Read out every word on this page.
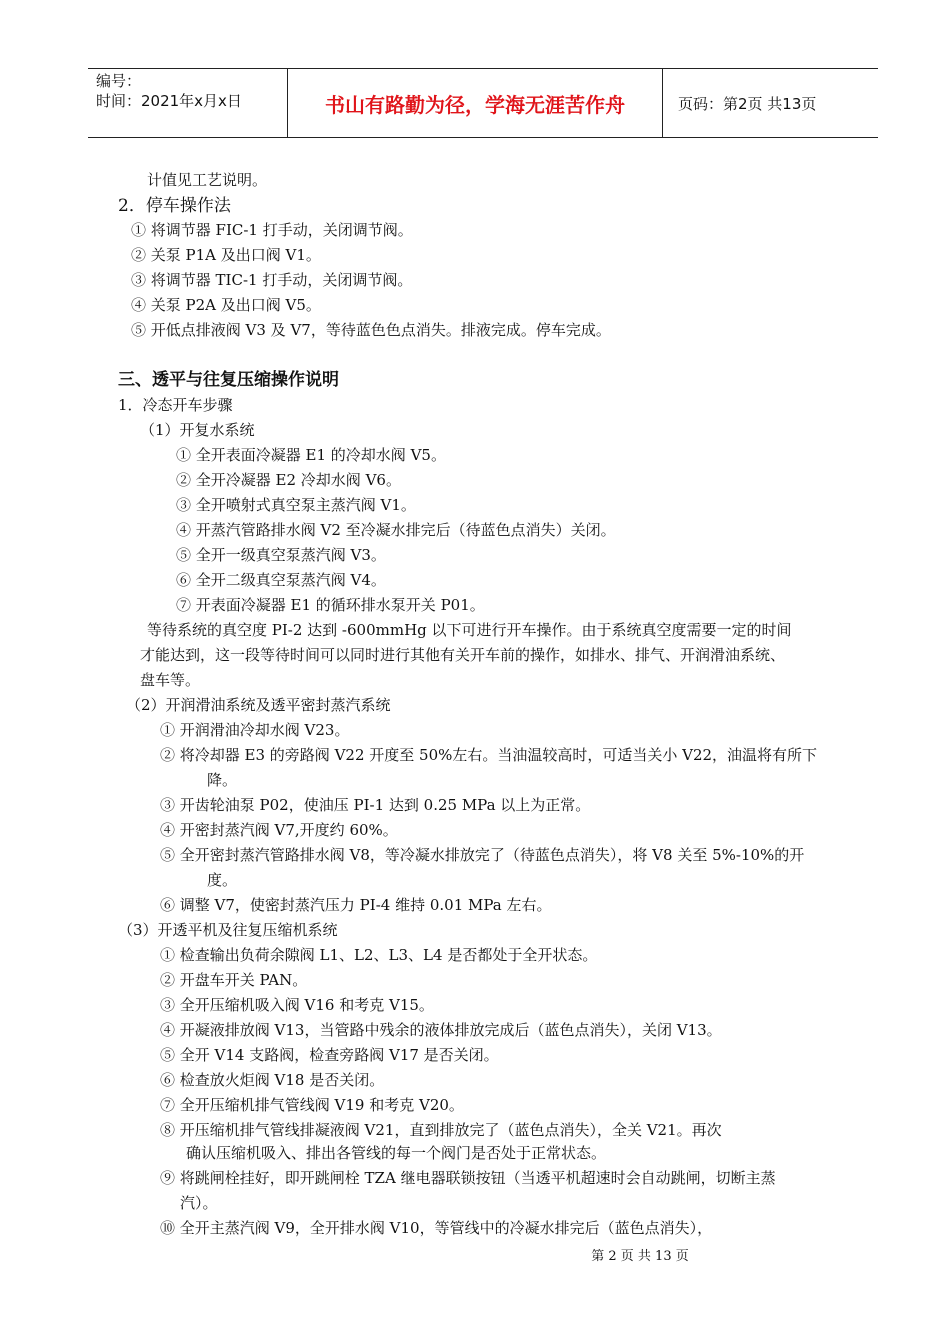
编号：
时间：2021年x月x日	书山有路勤为径，学海无涯苦作舟	页码：第2页 共13页
计值见工艺说明。
2．停车操作法
① 将调节器 FIC-1 打手动，关闭调节阀。
② 关泵 P1A 及出口阀 V1。
③ 将调节器 TIC-1 打手动，关闭调节阀。
④ 关泵 P2A 及出口阀 V5。
⑤ 开低点排液阀 V3 及 V7，等待蓝色色点消失。排液完成。停车完成。
三、透平与往复压缩操作说明
1．冷态开车步骤
（1）开复水系统
① 全开表面冷凝器 E1 的冷却水阀 V5。
② 全开冷凝器 E2 冷却水阀 V6。
③ 全开喷射式真空泵主蒸汽阀 V1。
④ 开蒸汽管路排水阀 V2 至冷凝水排完后（待蓝色点消失）关闭。
⑤ 全开一级真空泵蒸汽阀 V3。
⑥ 全开二级真空泵蒸汽阀 V4。
⑦ 开表面冷凝器 E1 的循环排水泵开关 P01。
等待系统的真空度 PI-2 达到 -600mmHg 以下可进行开车操作。由于系统真空度需要一定的时间
才能达到，这一段等待时间可以同时进行其他有关开车前的操作，如排水、排气、开润滑油系统、
盘车等。
（2）开润滑油系统及透平密封蒸汽系统
① 开润滑油冷却水阀 V23。
② 将冷却器 E3 的旁路阀 V22 开度至 50%左右。当油温较高时，可适当关小 V22，油温将有所下
降。
③ 开齿轮油泵 P02，使油压 PI-1 达到 0.25 MPa 以上为正常。
④ 开密封蒸汽阀 V7,开度约 60%。
⑤ 全开密封蒸汽管路排水阀 V8，等冷凝水排放完了（待蓝色点消失），将 V8 关至 5%-10%的开
度。
⑥ 调整 V7，使密封蒸汽压力 PI-4 维持 0.01 MPa 左右。
（3）开透平机及往复压缩机系统
① 检查输出负荷余隙阀 L1、L2、L3、L4 是否都处于全开状态。
② 开盘车开关 PAN。
③ 全开压缩机吸入阀 V16 和考克 V15。
④ 开凝液排放阀 V13，当管路中残余的液体排放完成后（蓝色点消失），关闭 V13。
⑤ 全开 V14 支路阀，检查旁路阀 V17 是否关闭。
⑥ 检查放火炬阀 V18 是否关闭。
⑦ 全开压缩机排气管线阀 V19 和考克 V20。
⑧ 开压缩机排气管线排凝液阀 V21，直到排放完了（蓝色点消失），全关 V21。再次
确认压缩机吸入、排出各管线的每一个阀门是否处于正常状态。
⑨ 将跳闸栓挂好，即开跳闸栓 TZA 继电器联锁按钮（当透平机超速时会自动跳闸，切断主蒸
汽）。
⑩ 全开主蒸汽阀 V9，全开排水阀 V10，等管线中的冷凝水排完后（蓝色点消失），
第 2 页 共 13 页
